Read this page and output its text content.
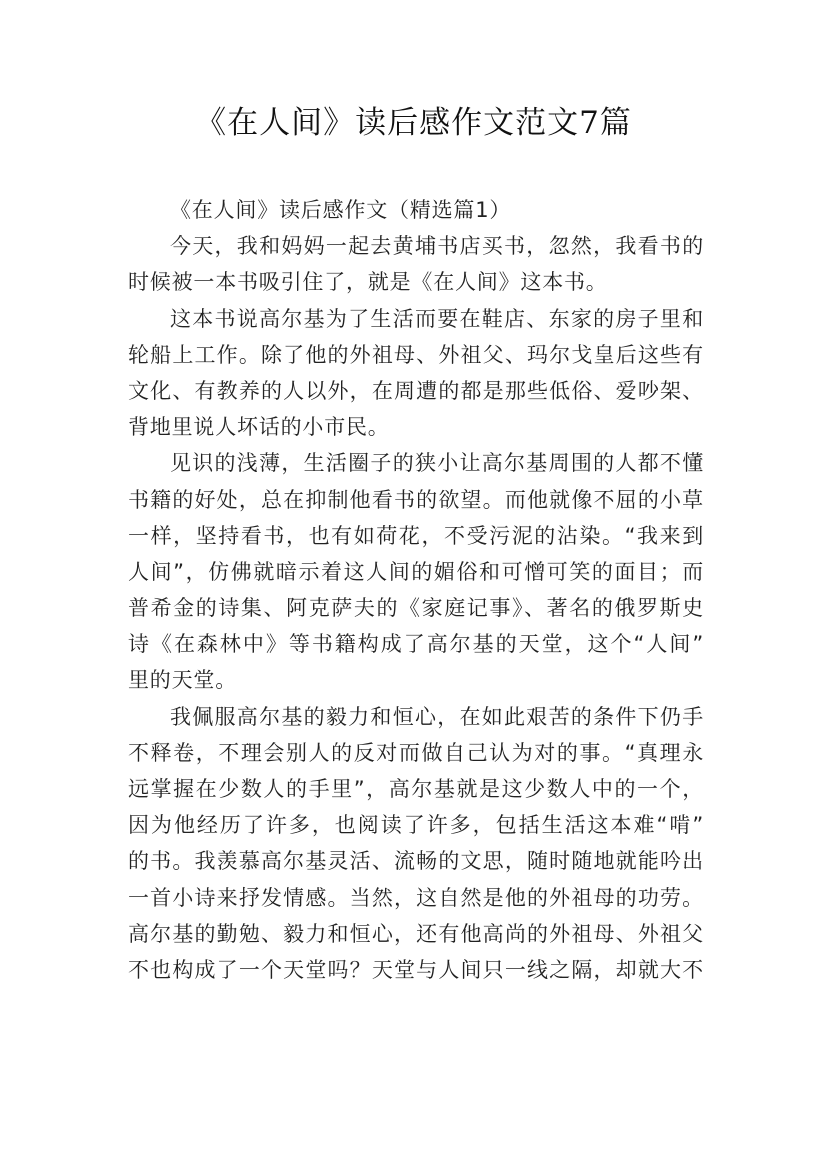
《在人间》读后感作文范文7篇
《在人间》读后感作文（精选篇1）
今天，我和妈妈一起去黄埔书店买书，忽然，我看书的
时候被一本书吸引住了，就是《在人间》这本书。
这本书说高尔基为了生活而要在鞋店、东家的房子里和
轮船上工作。除了他的外祖母、外祖父、玛尔戈皇后这些有
文化、有教养的人以外，在周遭的都是那些低俗、爱吵架、
背地里说人坏话的小市民。
见识的浅薄，生活圈子的狭小让高尔基周围的人都不懂
书籍的好处，总在抑制他看书的欲望。而他就像不屈的小草
一样，坚持看书，也有如荷花，不受污泥的沾染。“我来到
人间”，仿佛就暗示着这人间的媚俗和可憎可笑的面目；而
普希金的诗集、阿克萨夫的《家庭记事》、著名的俄罗斯史
诗《在森林中》等书籍构成了高尔基的天堂，这个“人间”
里的天堂。
我佩服高尔基的毅力和恒心，在如此艰苦的条件下仍手
不释卷，不理会别人的反对而做自己认为对的事。“真理永
远掌握在少数人的手里”，高尔基就是这少数人中的一个，
因为他经历了许多，也阅读了许多，包括生活这本难“啃”
的书。我羡慕高尔基灵活、流畅的文思，随时随地就能吟出
一首小诗来抒发情感。当然，这自然是他的外祖母的功劳。
高尔基的勤勉、毅力和恒心，还有他高尚的外祖母、外祖父
不也构成了一个天堂吗？天堂与人间只一线之隔，却就大不
